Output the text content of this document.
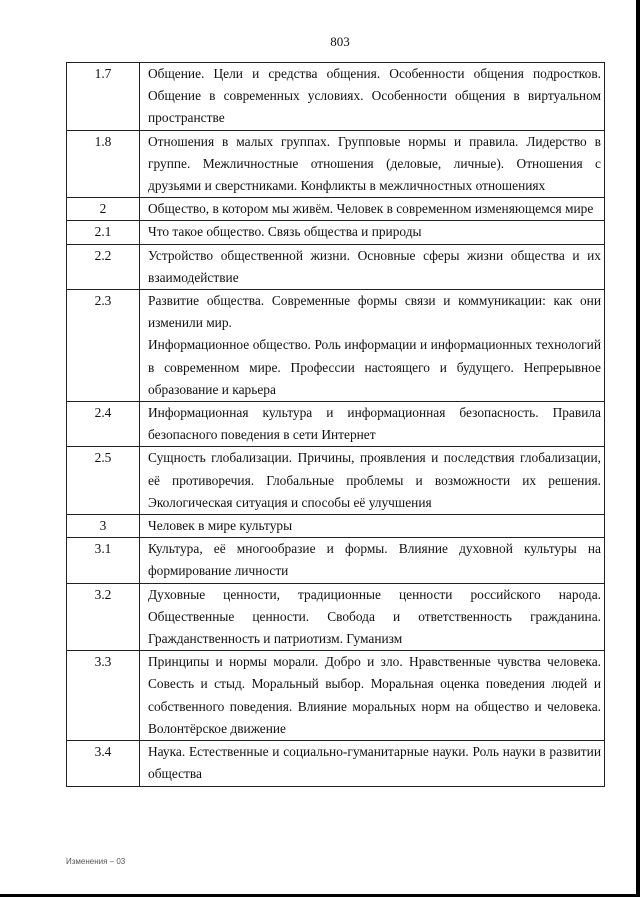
803
1.7	Общение. Цели и средства общения. Особенности общения подростков. Общение в современных условиях. Особенности общения в виртуальном пространстве

1.8	Отношения в малых группах. Групповые нормы и правила. Лидерство в группе. Межличностные отношения (деловые, личные). Отношения с друзьями и сверстниками. Конфликты в межличностных отношениях

2	Общество, в котором мы живём. Человек в современном изменяющемся мире

2.1	Что такое общество. Связь общества и природы

2.2	Устройство общественной жизни. Основные сферы жизни общества и их взаимодействие

2.3	Развитие общества. Современные формы связи и коммуникации: как они изменили мир.
Информационное общество. Роль информации и информационных технологий в современном мире. Профессии настоящего и будущего. Непрерывное образование и карьера

2.4	Информационная культура и информационная безопасность. Правила безопасного поведения в сети Интернет

2.5	Сущность глобализации. Причины, проявления и последствия глобализации, её противоречия. Глобальные проблемы и возможности их решения. Экологическая ситуация и способы её улучшения

3	Человек в мире культуры

3.1	Культура, её многообразие и формы. Влияние духовной культуры на формирование личности

3.2	Духовные ценности, традиционные ценности российского народа. Общественные ценности. Свобода и ответственность гражданина. Гражданственность и патриотизм. Гуманизм

3.3	Принципы и нормы морали. Добро и зло. Нравственные чувства человека. Совесть и стыд. Моральный выбор. Моральная оценка поведения людей и собственного поведения. Влияние моральных норм на общество и человека. Волонтёрское движение

3.4	Наука. Естественные и социально-гуманитарные науки. Роль науки в развитии общества
Изменения – 03
